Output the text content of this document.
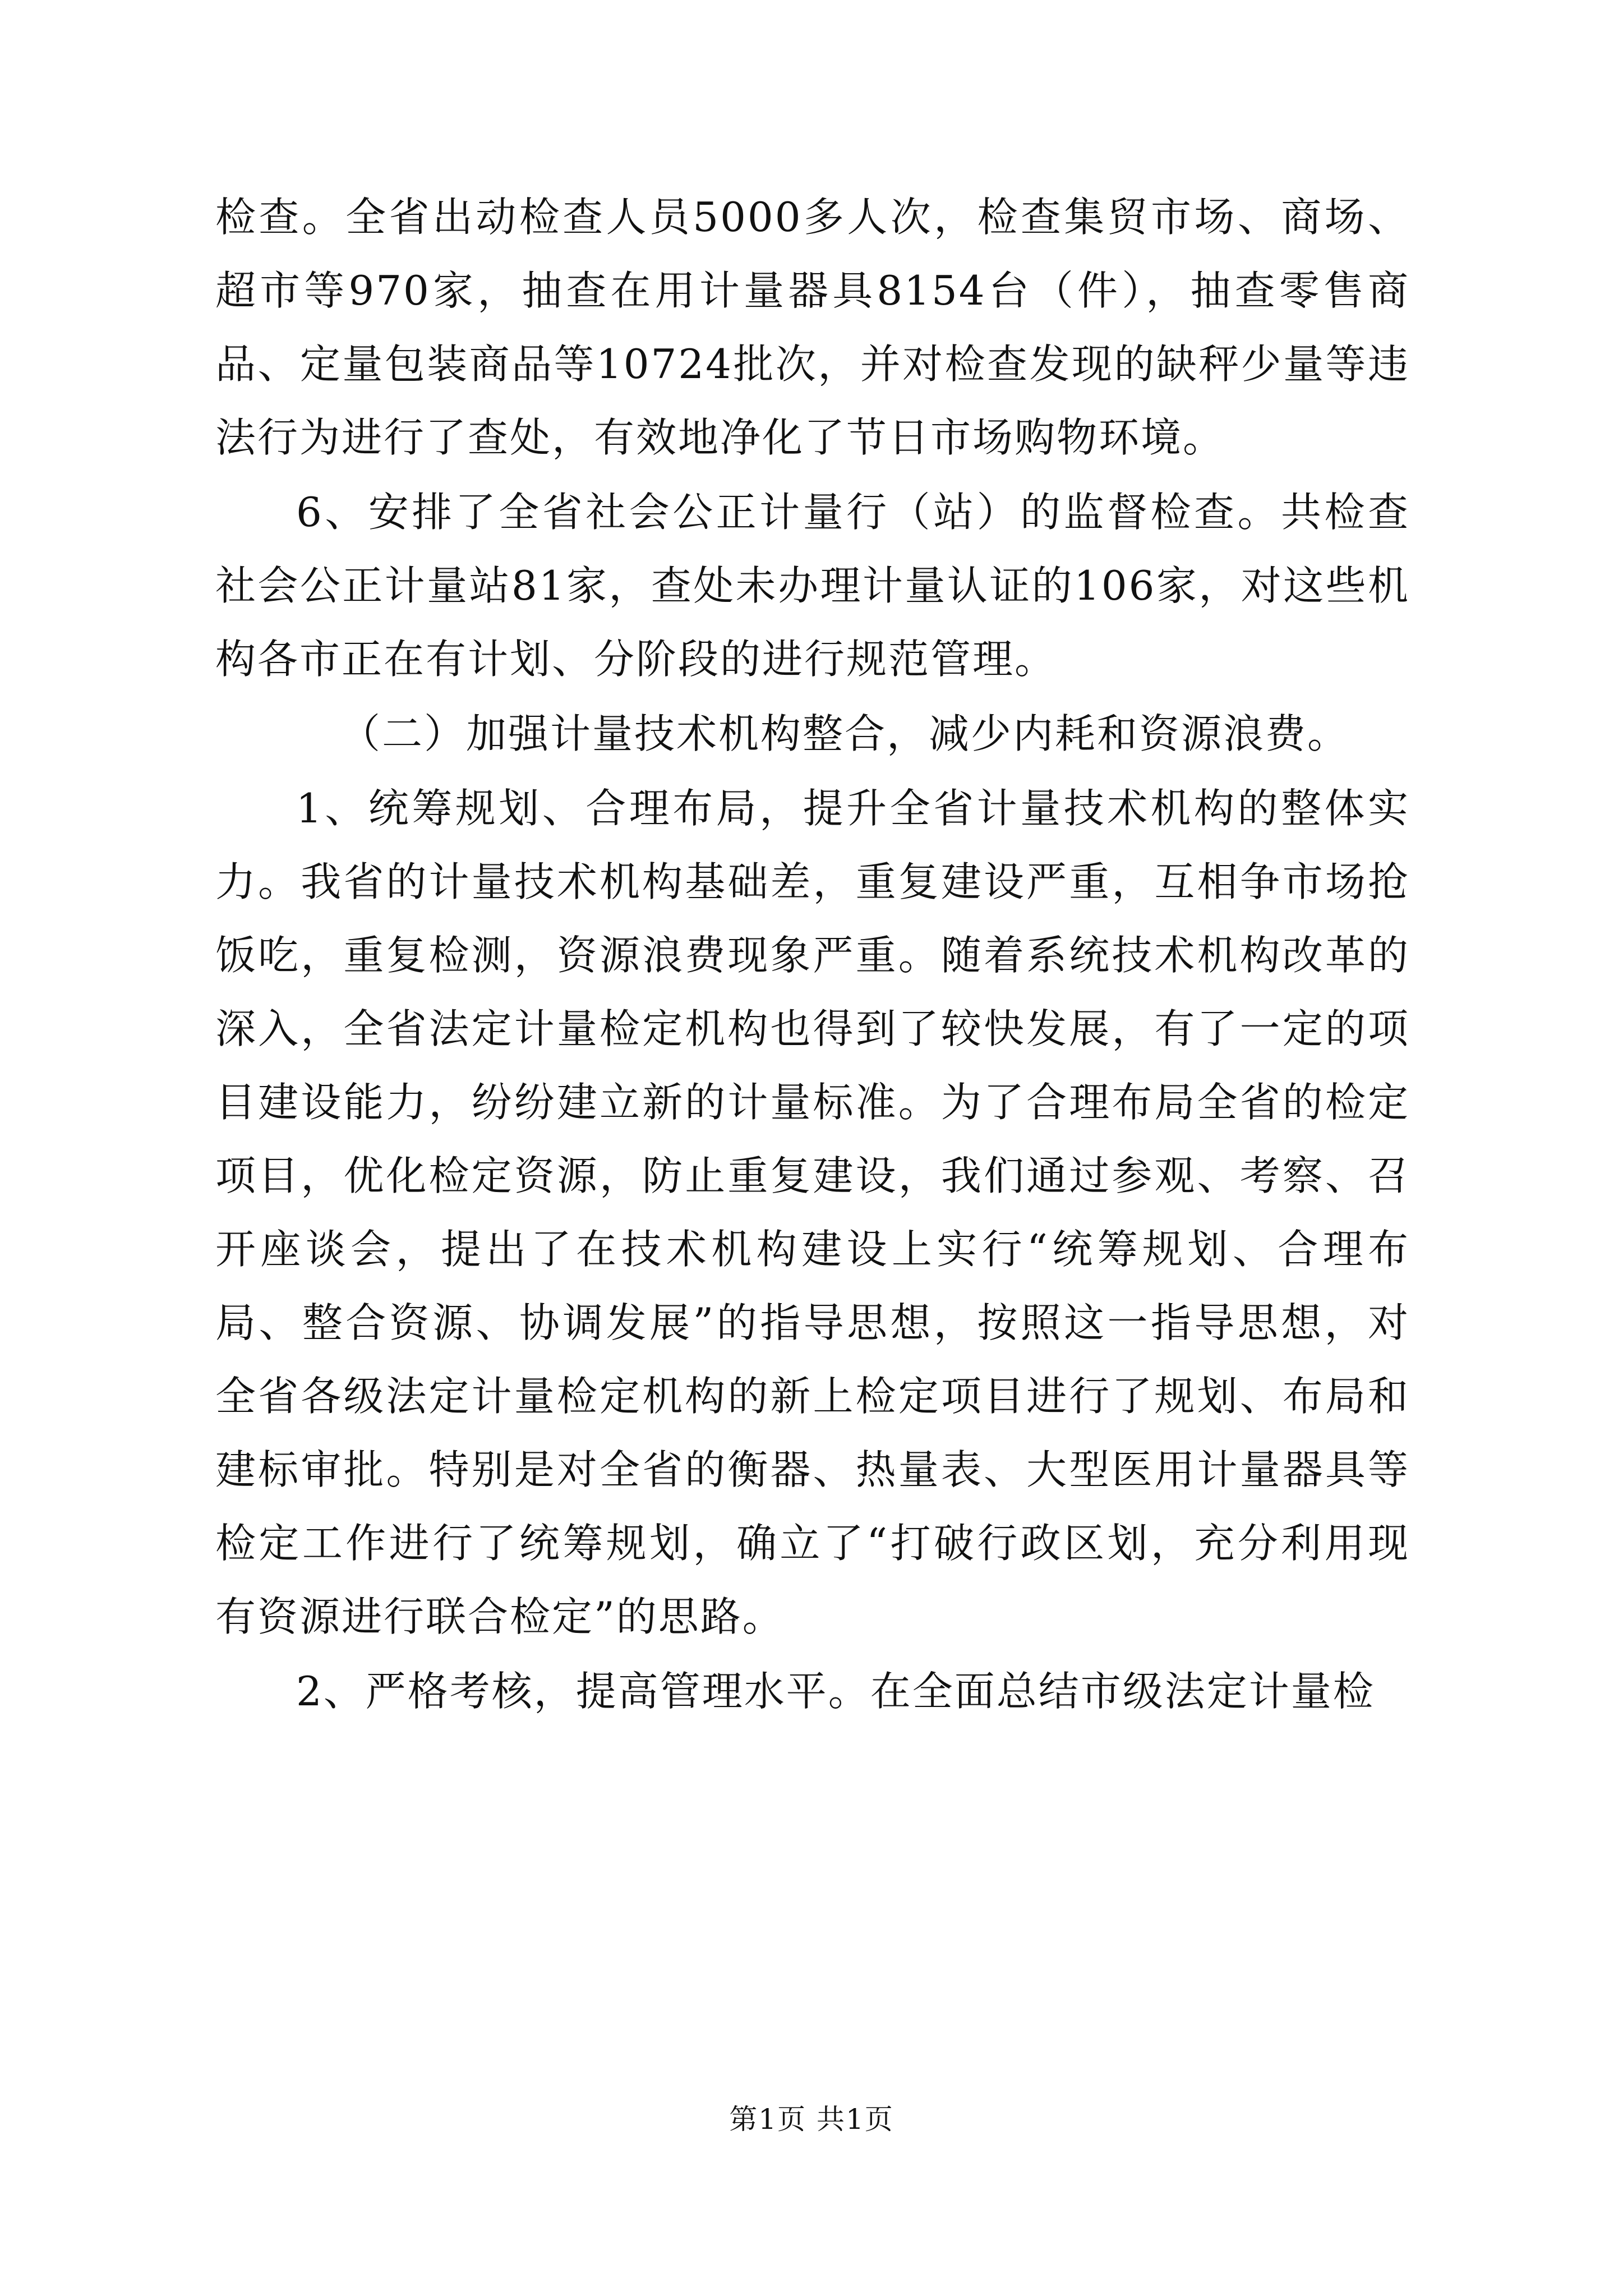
检查。全省出动检查人员5000多人次，检查集贸市场、商场、超市等970家，抽查在用计量器具8154台（件），抽查零售商品、定量包装商品等10724批次，并对检查发现的缺秤少量等违法行为进行了查处，有效地净化了节日市场购物环境。

6、安排了全省社会公正计量行（站）的监督检查。共检查社会公正计量站81家，查处未办理计量认证的106家，对这些机构各市正在有计划、分阶段的进行规范管理。

（二）加强计量技术机构整合，减少内耗和资源浪费。

1、统筹规划、合理布局，提升全省计量技术机构的整体实力。我省的计量技术机构基础差，重复建设严重，互相争市场抢饭吃，重复检测，资源浪费现象严重。随着系统技术机构改革的深入，全省法定计量检定机构也得到了较快发展，有了一定的项目建设能力，纷纷建立新的计量标准。为了合理布局全省的检定项目，优化检定资源，防止重复建设，我们通过参观、考察、召开座谈会，提出了在技术机构建设上实行“统筹规划、合理布局、整合资源、协调发展”的指导思想，按照这一指导思想，对全省各级法定计量检定机构的新上检定项目进行了规划、布局和建标审批。特别是对全省的衡器、热量表、大型医用计量器具等检定工作进行了统筹规划，确立了“打破行政区划，充分利用现有资源进行联合检定”的思路。

2、严格考核，提高管理水平。在全面总结市级法定计量检

第1页 共1页
